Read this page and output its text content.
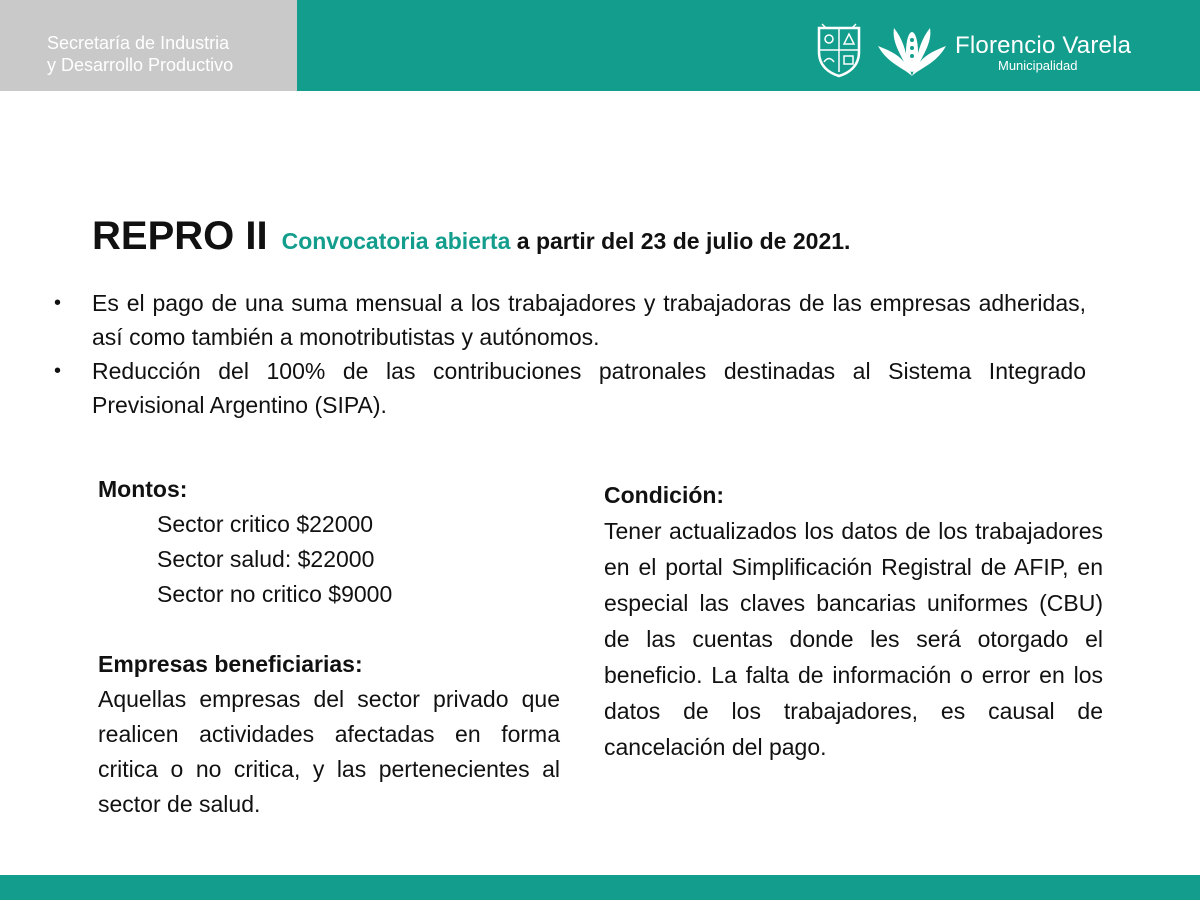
Secretaría de Industria
y Desarrollo Productivo
Florencio Varela
Municipalidad
REPRO II Convocatoria abierta a partir del 23 de julio de 2021.
• Es el pago de una suma mensual a los trabajadores y trabajadoras de las empresas adheridas, así como también a monotributistas y autónomos.
• Reducción del 100% de las contribuciones patronales destinadas al Sistema Integrado Previsional Argentino (SIPA).
Montos:
Sector critico $22000
Sector salud: $22000
Sector no critico $9000
Empresas beneficiarias:
Aquellas empresas del sector privado que realicen actividades afectadas en forma critica o no critica, y las pertenecientes al sector de salud.
Condición:
Tener actualizados los datos de los trabajadores en el portal Simplificación Registral de AFIP, en especial las claves bancarias uniformes (CBU) de las cuentas donde les será otorgado el beneficio. La falta de información o error en los datos de los trabajadores, es causal de cancelación del pago.
